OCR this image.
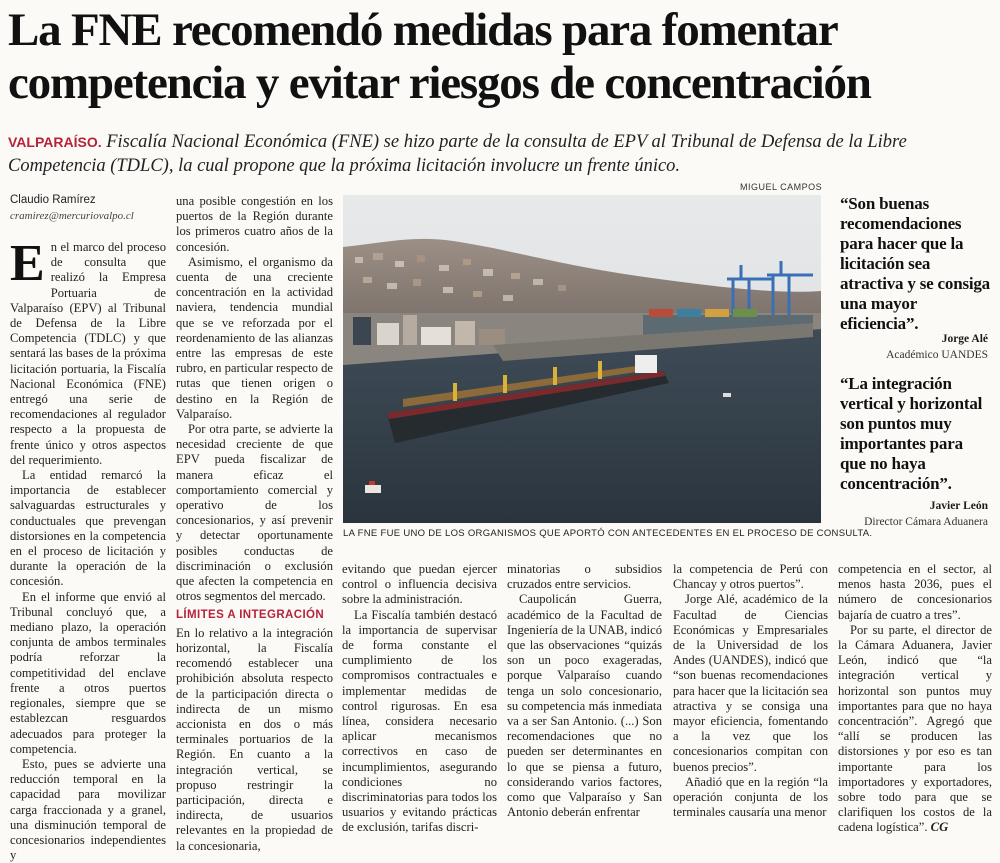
La FNE recomendó medidas para fomentar competencia y evitar riesgos de concentración
VALPARAÍSO. Fiscalía Nacional Económica (FNE) se hizo parte de la consulta de EPV al Tribunal de Defensa de la Libre Competencia (TDLC), la cual propone que la próxima licitación involucre un frente único.
Claudio Ramírez
cramirez@mercuriovalpo.cl

En el marco del proceso de consulta que realizó la Empresa Portuaria de Valparaíso (EPV) al Tribunal de Defensa de la Libre Competencia (TDLC) y que sentará las bases de la próxima licitación portuaria, la Fiscalía Nacional Económica (FNE) entregó una serie de recomendaciones al regulador respecto a la propuesta de frente único y otros aspectos del requerimiento.

La entidad remarcó la importancia de establecer salvaguardas estructurales y conductuales que prevengan distorsiones en la competencia en el proceso de licitación y durante la operación de la concesión.

En el informe que envió al Tribunal concluyó que, a mediano plazo, la operación conjunta de ambos terminales podría reforzar la competitividad del enclave frente a otros puertos regionales, siempre que se establezcan resguardos adecuados para proteger la competencia.

Esto, pues se advierte una reducción temporal en la capacidad para movilizar carga fraccionada y a granel, una disminución temporal de concesionarios independientes y

una posible congestión en los puertos de la Región durante los primeros cuatro años de la concesión.

Asimismo, el organismo da cuenta de una creciente concentración en la actividad naviera, tendencia mundial que se ve reforzada por el reordenamiento de las alianzas entre las empresas de este rubro, en particular respecto de rutas que tienen origen o destino en la Región de Valparaíso.

Por otra parte, se advierte la necesidad creciente de que EPV pueda fiscalizar de manera eficaz el comportamiento comercial y operativo de los concesionarios, y así prevenir y detectar oportunamente posibles conductas de discriminación o exclusión que afecten la competencia en otros segmentos del mercado.

LÍMITES A INTEGRACIÓN

En lo relativo a la integración horizontal, la Fiscalía recomendó establecer una prohibición absoluta respecto de la participación directa o indirecta de un mismo accionista en dos o más terminales portuarios de la Región. En cuanto a la integración vertical, se propuso restringir la participación, directa e indirecta, de usuarios relevantes en la propiedad de la concesionaria,

MIGUEL CAMPOS
LA FNE FUE UNO DE LOS ORGANISMOS QUE APORTÓ CON ANTECEDENTES EN EL PROCESO DE CONSULTA.
“Son buenas recomendaciones para hacer que la licitación sea atractiva y se consiga una mayor eficiencia”.
Jorge Alé
Académico UANDES
“La integración vertical y horizontal son puntos muy importantes para que no haya concentración”.
Javier León
Director Cámara Aduanera

evitando que puedan ejercer control o influencia decisiva sobre la administración.

La Fiscalía también destacó la importancia de supervisar de forma constante el cumplimiento de los compromisos contractuales e implementar medidas de control rigurosas. En esa línea, considera necesario aplicar mecanismos correctivos en caso de incumplimientos, asegurando condiciones no discriminatorias para todos los usuarios y evitando prácticas de exclusión, tarifas discri-

minatorias o subsidios cruzados entre servicios.

Caupolicán Guerra, académico de la Facultad de Ingeniería de la UNAB, indicó que las observaciones “quizás son un poco exageradas, porque Valparaíso cuando tenga un solo concesionario, su competencia más inmediata va a ser San Antonio. (...) Son recomendaciones que no pueden ser determinantes en lo que se piensa a futuro, considerando varios factores, como que Valparaíso y San Antonio deberán enfrentar

la competencia de Perú con Chancay y otros puertos”.

Jorge Alé, académico de la Facultad de Ciencias Económicas y Empresariales de la Universidad de los Andes (UANDES), indicó que “son buenas recomendaciones para hacer que la licitación sea atractiva y se consiga una mayor eficiencia, fomentando a la vez que los concesionarios compitan con buenos precios”.

Añadió que en la región “la operación conjunta de los terminales causaría una menor

competencia en el sector, al menos hasta 2036, pues el número de concesionarios bajaría de cuatro a tres”.

Por su parte, el director de la Cámara Aduanera, Javier León, indicó que “la integración vertical y horizontal son puntos muy importantes para que no haya concentración”. Agregó que “allí se producen las distorsiones y por eso es tan importante para los importadores y exportadores, sobre todo para que se clarifiquen los costos de la cadena logística”. CG
